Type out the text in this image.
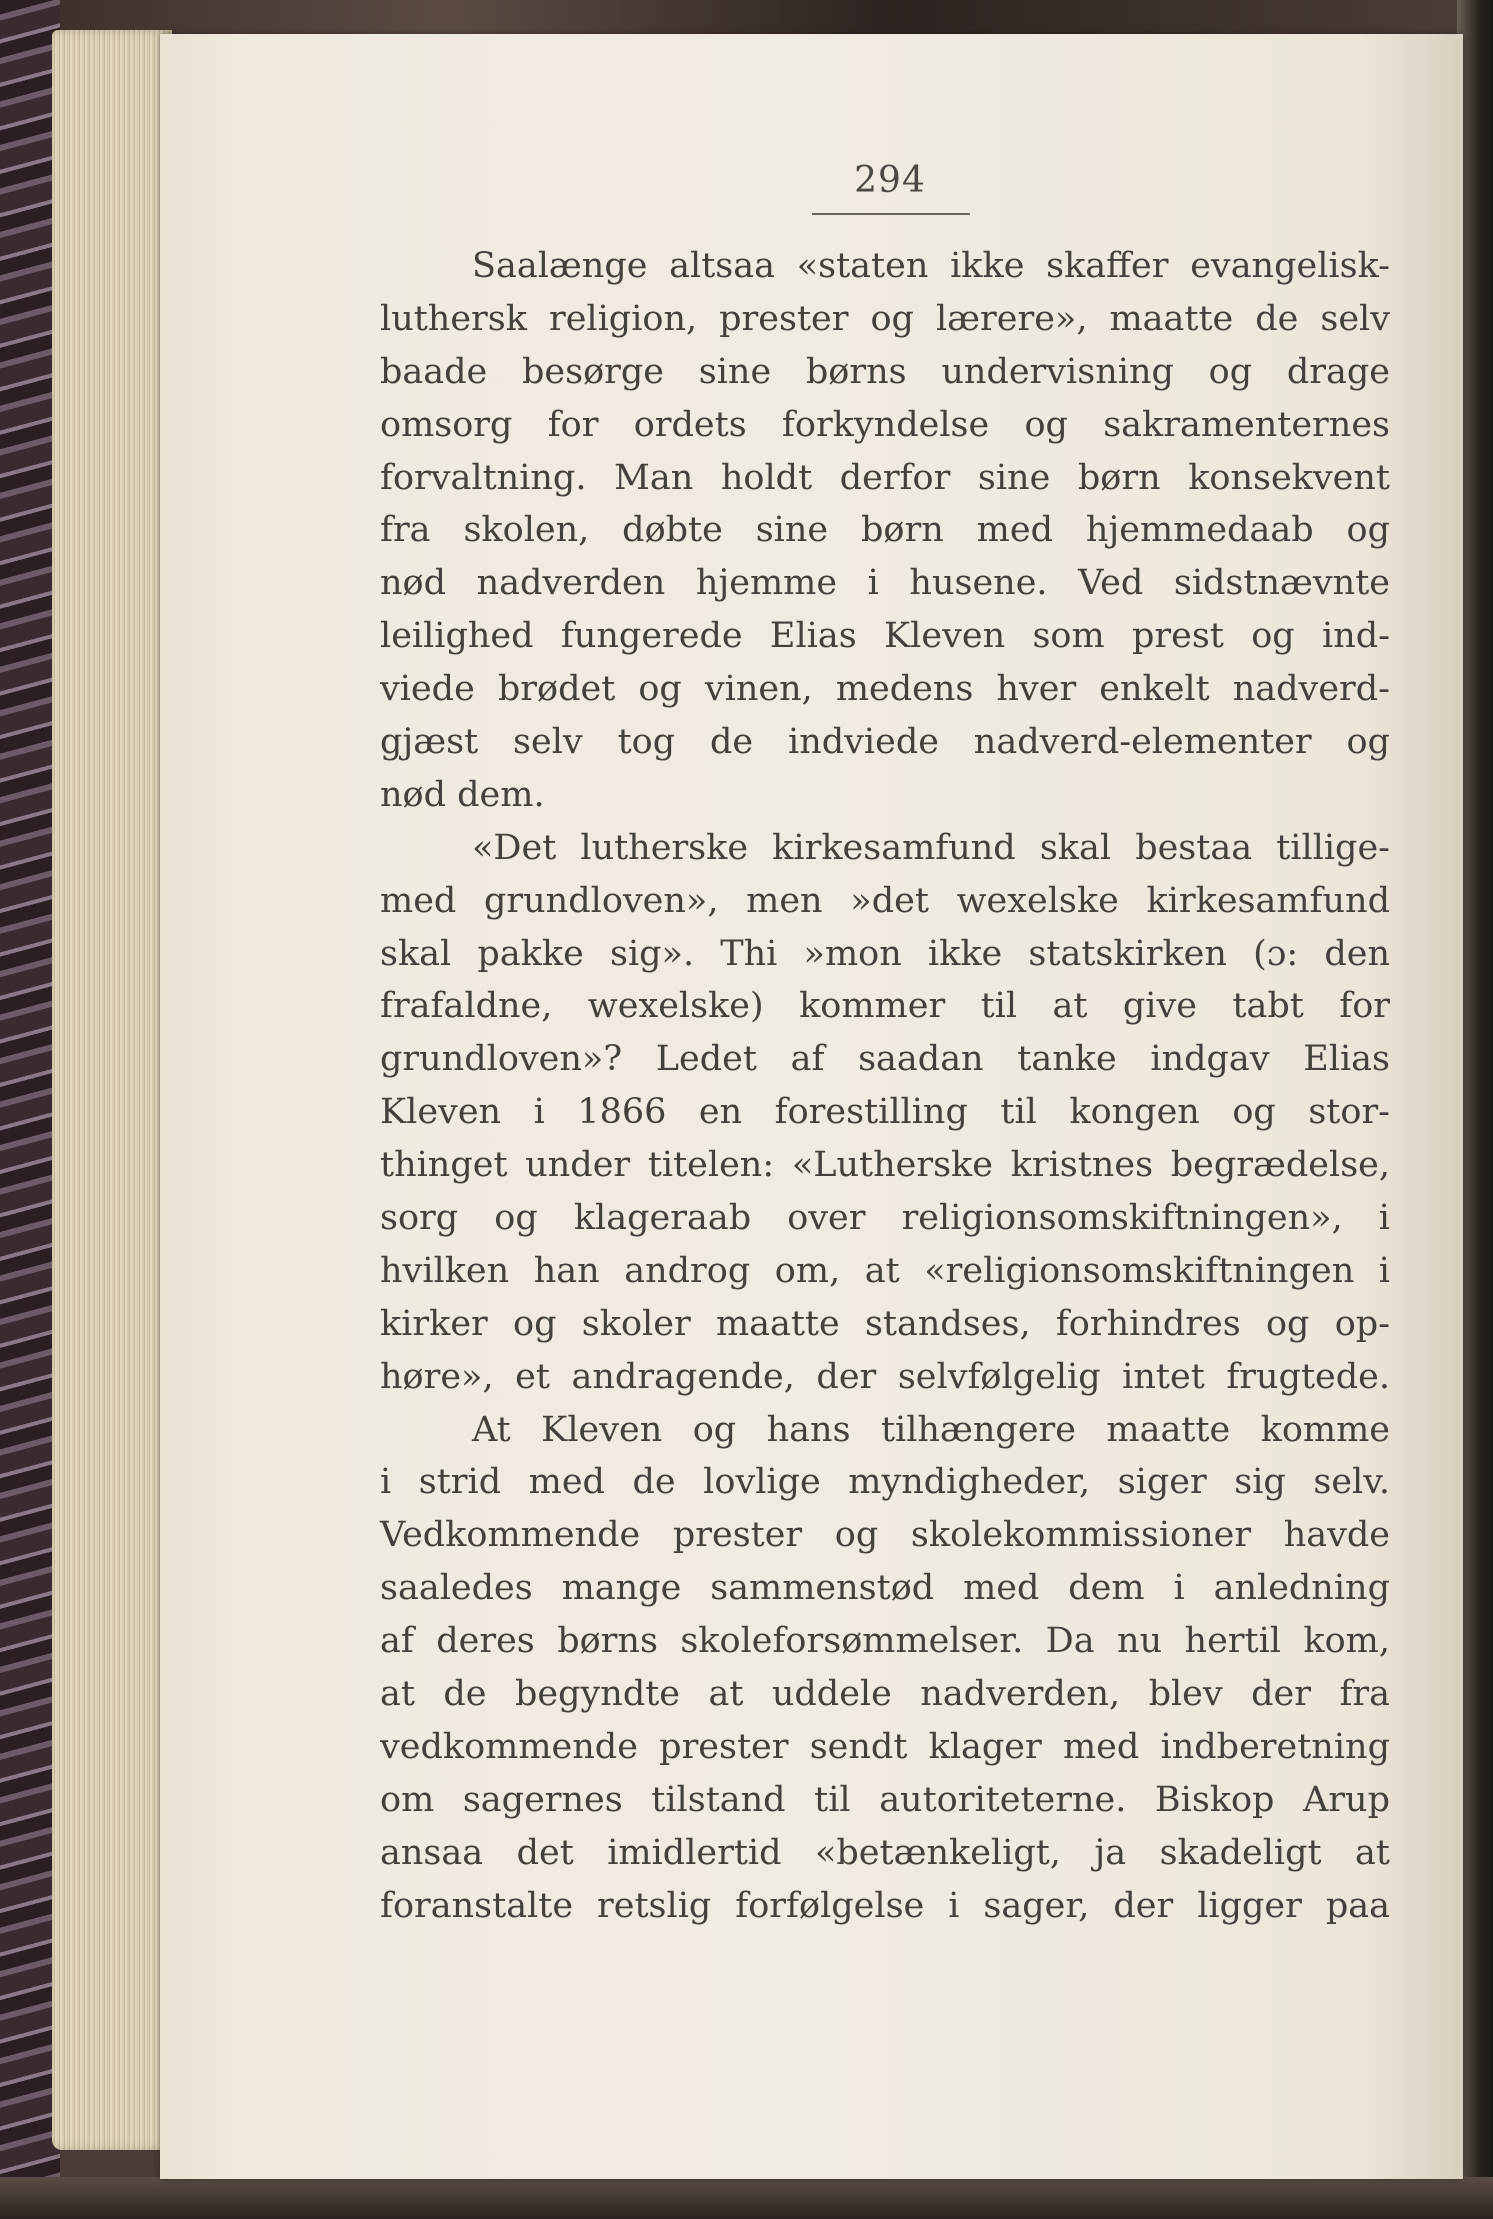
294
Saalænge altsaa «staten ikke skaffer evangelisk-
luthersk religion, prester og lærere», maatte de selv
baade besørge sine børns undervisning og drage
omsorg for ordets forkyndelse og sakramenternes
forvaltning. Man holdt derfor sine børn konsekvent
fra skolen, døbte sine børn med hjemmedaab og
nød nadverden hjemme i husene. Ved sidstnævnte
leilighed fungerede Elias Kleven som prest og ind-
viede brødet og vinen, medens hver enkelt nadverd-
gjæst selv tog de indviede nadverd-elementer og
nød dem.
«Det lutherske kirkesamfund skal bestaa tillige-
med grundloven», men »det wexelske kirkesamfund
skal pakke sig». Thi »mon ikke statskirken (ɔ: den
frafaldne, wexelske) kommer til at give tabt for
grundloven»? Ledet af saadan tanke indgav Elias
Kleven i 1866 en forestilling til kongen og stor-
thinget under titelen: «Lutherske kristnes begrædelse,
sorg og klageraab over religionsomskiftningen», i
hvilken han androg om, at «religionsomskiftningen i
kirker og skoler maatte standses, forhindres og op-
høre», et andragende, der selvfølgelig intet frugtede.
At Kleven og hans tilhængere maatte komme
i strid med de lovlige myndigheder, siger sig selv.
Vedkommende prester og skolekommissioner havde
saaledes mange sammenstød med dem i anledning
af deres børns skoleforsømmelser. Da nu hertil kom,
at de begyndte at uddele nadverden, blev der fra
vedkommende prester sendt klager med indberetning
om sagernes tilstand til autoriteterne. Biskop Arup
ansaa det imidlertid «betænkeligt, ja skadeligt at
foranstalte retslig forfølgelse i sager, der ligger paa
